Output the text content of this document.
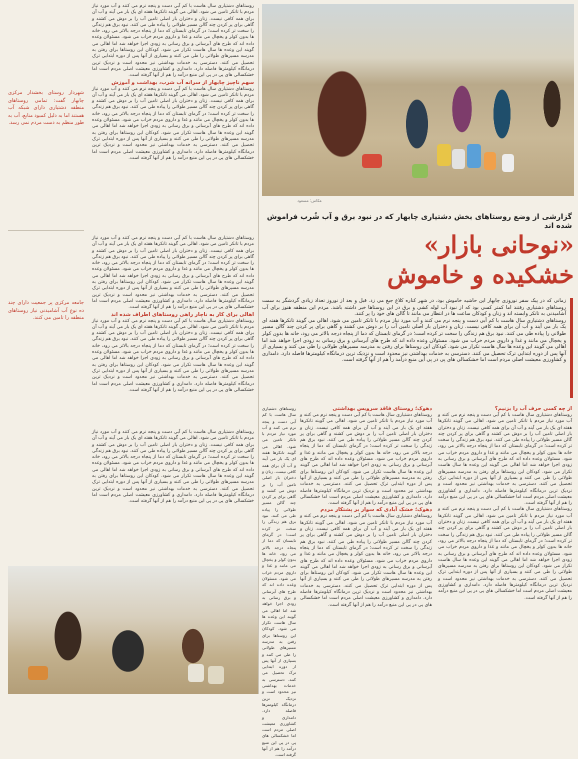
عکاس: مسعود

روستاهای دشتیاری سال هاست با کم آبی دست و پنجه نرم می کنند و آب مورد نیاز مردم با تانکر تامین می شود. اهالی می گویند تانکرها هفته ای یک بار می آیند و آب آن برای همه کافی نیست. زنان و دختران بار اصلی تامین آب را بر دوش می کشند و گاهی برای پر کردن چند گالن مسیر طولانی را پیاده طی می کنند. نبود برق هم زندگی را سخت تر کرده است؛ در گرمای تابستان که دما از پنجاه درجه بالاتر می رود، خانه ها بدون کولر و یخچال می مانند و غذا و داروی مردم خراب می شود. مسئولان وعده داده اند که طرح های آبرسانی و برق رسانی به زودی اجرا خواهد شد اما اهالی می گویند این وعده ها سال هاست تکرار می شود. کودکان این روستاها برای رفتن به مدرسه مسیرهای طولانی را طی می کنند و بسیاری از آنها پس از دوره ابتدایی ترک تحصیل می کنند. دسترسی به خدمات بهداشتی نیز محدود است و نزدیک ترین درمانگاه کیلومترها فاصله دارد. دامداری و کشاورزی معیشت اصلی مردم است اما خشکسالی های پی در پی این منبع درآمد را هم از آنها گرفته است.

سهم ناچیز چابهار از سرانه آب شرب، بهداشت و آموزش

روستاهای دشتیاری سال هاست با کم آبی دست و پنجه نرم می کنند و آب مورد نیاز مردم با تانکر تامین می شود. اهالی می گویند تانکرها هفته ای یک بار می آیند و آب آن برای همه کافی نیست. زنان و دختران بار اصلی تامین آب را بر دوش می کشند و گاهی برای پر کردن چند گالن مسیر طولانی را پیاده طی می کنند. نبود برق هم زندگی را سخت تر کرده است؛ در گرمای تابستان که دما از پنجاه درجه بالاتر می رود، خانه ها بدون کولر و یخچال می مانند و غذا و داروی مردم خراب می شود. مسئولان وعده داده اند که طرح های آبرسانی و برق رسانی به زودی اجرا خواهد شد اما اهالی می گویند این وعده ها سال هاست تکرار می شود. کودکان این روستاها برای رفتن به مدرسه مسیرهای طولانی را طی می کنند و بسیاری از آنها پس از دوره ابتدایی ترک تحصیل می کنند. دسترسی به خدمات بهداشتی نیز محدود است و نزدیک ترین درمانگاه کیلومترها فاصله دارد. دامداری و کشاورزی معیشت اصلی مردم است اما خشکسالی های پی در پی این منبع درآمد را هم از آنها گرفته است.

شهردار روستای بخشدار مرکزی چابهار گفت: تمامی روستاهای منطقه دشتیاری دارای شبکه آب هستند اما به دلیل کمبود منابع، آب به طور منظم به دست مردم نمی رسد.

گزارشی از وضع روستاهای بخش دشتیاری چابهار که در نبود برق و آب شُرب فراموش شده اند
«نوحانی بازار»
خشکیده و خاموش

روستاهای دشتیاری سال هاست با کم آبی دست و پنجه نرم می کنند و آب مورد نیاز مردم با تانکر تامین می شود. اهالی می گویند تانکرها هفته ای یک بار می آیند و آب آن برای همه کافی نیست. زنان و دختران بار اصلی تامین آب را بر دوش می کشند و گاهی برای پر کردن چند گالن مسیر طولانی را پیاده طی می کنند. نبود برق هم زندگی را سخت تر کرده است؛ در گرمای تابستان که دما از پنجاه درجه بالاتر می رود، خانه ها بدون کولر و یخچال می مانند و غذا و داروی مردم خراب می شود. مسئولان وعده داده اند که طرح های آبرسانی و برق رسانی به زودی اجرا خواهد شد اما اهالی می گویند این وعده ها سال هاست تکرار می شود. کودکان این روستاها برای رفتن به مدرسه مسیرهای طولانی را طی می کنند و بسیاری از آنها پس از دوره ابتدایی ترک تحصیل می کنند. دسترسی به خدمات بهداشتی نیز محدود است و نزدیک ترین درمانگاه کیلومترها فاصله دارد. دامداری و کشاورزی معیشت اصلی مردم است اما خشکسالی های پی در پی این منبع درآمد را هم از آنها گرفته است.

اهالی برای کار به ناچار راهی روستاهای اطراف شده اند

روستاهای دشتیاری سال هاست با کم آبی دست و پنجه نرم می کنند و آب مورد نیاز مردم با تانکر تامین می شود. اهالی می گویند تانکرها هفته ای یک بار می آیند و آب آن برای همه کافی نیست. زنان و دختران بار اصلی تامین آب را بر دوش می کشند و گاهی برای پر کردن چند گالن مسیر طولانی را پیاده طی می کنند. نبود برق هم زندگی را سخت تر کرده است؛ در گرمای تابستان که دما از پنجاه درجه بالاتر می رود، خانه ها بدون کولر و یخچال می مانند و غذا و داروی مردم خراب می شود. مسئولان وعده داده اند که طرح های آبرسانی و برق رسانی به زودی اجرا خواهد شد اما اهالی می گویند این وعده ها سال هاست تکرار می شود. کودکان این روستاها برای رفتن به مدرسه مسیرهای طولانی را طی می کنند و بسیاری از آنها پس از دوره ابتدایی ترک تحصیل می کنند. دسترسی به خدمات بهداشتی نیز محدود است و نزدیک ترین درمانگاه کیلومترها فاصله دارد. دامداری و کشاورزی معیشت اصلی مردم است اما خشکسالی های پی در پی این منبع درآمد را هم از آنها گرفته است.

جامعه مرکزی پر جمعیت دارای چند ده نوع آب آشامیدنی نیاز روستاهای منطقه را تامین می کنند.

زمانی که در پیک سفر نوروزی چابهار این حاشیه خاموش بود، در شهر کناره کلاغ جیغ می زد. قبل و بعد از نوروز تعداد زیادی گردشگر به سمت روستاهای دشتیاری رفتند اما کمتر کسی بود که از نبود آب لوله کشی و برق در این روستاها خبر داشته باشد. مردم این منطقه هنوز برای آب آشامیدنی به تانکر وابسته اند و زنان و کودکان ساعت ها در انتظار می مانند تا گالن های خود را پر کنند.

روستاهای دشتیاری سال هاست با کم آبی دست و پنجه نرم می کنند و آب مورد نیاز مردم با تانکر تامین می شود. اهالی می گویند تانکرها هفته ای یک بار می آیند و آب آن برای همه کافی نیست. زنان و دختران بار اصلی تامین آب را بر دوش می کشند و گاهی برای پر کردن چند گالن مسیر طولانی را پیاده طی می کنند. نبود برق هم زندگی را سخت تر کرده است؛ در گرمای تابستان که دما از پنجاه درجه بالاتر می رود، خانه ها بدون کولر و یخچال می مانند و غذا و داروی مردم خراب می شود. مسئولان وعده داده اند که طرح های آبرسانی و برق رسانی به زودی اجرا خواهد شد اما اهالی می گویند این وعده ها سال هاست تکرار می شود. کودکان این روستاها برای رفتن به مدرسه مسیرهای طولانی را طی می کنند و بسیاری از آنها پس از دوره ابتدایی ترک تحصیل می کنند. دسترسی به خدمات بهداشتی نیز محدود است و نزدیک ترین درمانگاه کیلومترها فاصله دارد. دامداری و کشاورزی معیشت اصلی مردم است اما خشکسالی های پی در پی این منبع درآمد را هم از آنها گرفته است.

از چه کسی حرف آب را بزنیم؟

روستاهای دشتیاری سال هاست با کم آبی دست و پنجه نرم می کنند و آب مورد نیاز مردم با تانکر تامین می شود. اهالی می گویند تانکرها هفته ای یک بار می آیند و آب آن برای همه کافی نیست. زنان و دختران بار اصلی تامین آب را بر دوش می کشند و گاهی برای پر کردن چند گالن مسیر طولانی را پیاده طی می کنند. نبود برق هم زندگی را سخت تر کرده است؛ در گرمای تابستان که دما از پنجاه درجه بالاتر می رود، خانه ها بدون کولر و یخچال می مانند و غذا و داروی مردم خراب می شود. مسئولان وعده داده اند که طرح های آبرسانی و برق رسانی به زودی اجرا خواهد شد اما اهالی می گویند این وعده ها سال هاست تکرار می شود. کودکان این روستاها برای رفتن به مدرسه مسیرهای طولانی را طی می کنند و بسیاری از آنها پس از دوره ابتدایی ترک تحصیل می کنند. دسترسی به خدمات بهداشتی نیز محدود است و نزدیک ترین درمانگاه کیلومترها فاصله دارد. دامداری و کشاورزی معیشت اصلی مردم است اما خشکسالی های پی در پی این منبع درآمد را هم از آنها گرفته است.

روستاهای دشتیاری سال هاست با کم آبی دست و پنجه نرم می کنند و آب مورد نیاز مردم با تانکر تامین می شود. اهالی می گویند تانکرها هفته ای یک بار می آیند و آب آن برای همه کافی نیست. زنان و دختران بار اصلی تامین آب را بر دوش می کشند و گاهی برای پر کردن چند گالن مسیر طولانی را پیاده طی می کنند. نبود برق هم زندگی را سخت تر کرده است؛ در گرمای تابستان که دما از پنجاه درجه بالاتر می رود، خانه ها بدون کولر و یخچال می مانند و غذا و داروی مردم خراب می شود. مسئولان وعده داده اند که طرح های آبرسانی و برق رسانی به زودی اجرا خواهد شد اما اهالی می گویند این وعده ها سال هاست تکرار می شود. کودکان این روستاها برای رفتن به مدرسه مسیرهای طولانی را طی می کنند و بسیاری از آنها پس از دوره ابتدایی ترک تحصیل می کنند. دسترسی به خدمات بهداشتی نیز محدود است و نزدیک ترین درمانگاه کیلومترها فاصله دارد. دامداری و کشاورزی معیشت اصلی مردم است اما خشکسالی های پی در پی این منبع درآمد را هم از آنها گرفته است.

دهوک؛ روستای فاقد سرویس بهداشتی

روستاهای دشتیاری سال هاست با کم آبی دست و پنجه نرم می کنند و آب مورد نیاز مردم با تانکر تامین می شود. اهالی می گویند تانکرها هفته ای یک بار می آیند و آب آن برای همه کافی نیست. زنان و دختران بار اصلی تامین آب را بر دوش می کشند و گاهی برای پر کردن چند گالن مسیر طولانی را پیاده طی می کنند. نبود برق هم زندگی را سخت تر کرده است؛ در گرمای تابستان که دما از پنجاه درجه بالاتر می رود، خانه ها بدون کولر و یخچال می مانند و غذا و داروی مردم خراب می شود. مسئولان وعده داده اند که طرح های آبرسانی و برق رسانی به زودی اجرا خواهد شد اما اهالی می گویند این وعده ها سال هاست تکرار می شود. کودکان این روستاها برای رفتن به مدرسه مسیرهای طولانی را طی می کنند و بسیاری از آنها پس از دوره ابتدایی ترک تحصیل می کنند. دسترسی به خدمات بهداشتی نیز محدود است و نزدیک ترین درمانگاه کیلومترها فاصله دارد. دامداری و کشاورزی معیشت اصلی مردم است اما خشکسالی های پی در پی این منبع درآمد را هم از آنها گرفته است.

دهوک؛ خشک آبادی که سوار بر پشتکار مردم

روستاهای دشتیاری سال هاست با کم آبی دست و پنجه نرم می کنند و آب مورد نیاز مردم با تانکر تامین می شود. اهالی می گویند تانکرها هفته ای یک بار می آیند و آب آن برای همه کافی نیست. زنان و دختران بار اصلی تامین آب را بر دوش می کشند و گاهی برای پر کردن چند گالن مسیر طولانی را پیاده طی می کنند. نبود برق هم زندگی را سخت تر کرده است؛ در گرمای تابستان که دما از پنجاه درجه بالاتر می رود، خانه ها بدون کولر و یخچال می مانند و غذا و داروی مردم خراب می شود. مسئولان وعده داده اند که طرح های آبرسانی و برق رسانی به زودی اجرا خواهد شد اما اهالی می گویند این وعده ها سال هاست تکرار می شود. کودکان این روستاها برای رفتن به مدرسه مسیرهای طولانی را طی می کنند و بسیاری از آنها پس از دوره ابتدایی ترک تحصیل می کنند. دسترسی به خدمات بهداشتی نیز محدود است و نزدیک ترین درمانگاه کیلومترها فاصله دارد. دامداری و کشاورزی معیشت اصلی مردم است اما خشکسالی های پی در پی این منبع درآمد را هم از آنها گرفته است.

روستاهای دشتیاری سال هاست با کم آبی دست و پنجه نرم می کنند و آب مورد نیاز مردم با تانکر تامین می شود. اهالی می گویند تانکرها هفته ای یک بار می آیند و آب آن برای همه کافی نیست. زنان و دختران بار اصلی تامین آب را بر دوش می کشند و گاهی برای پر کردن چند گالن مسیر طولانی را پیاده طی می کنند. نبود برق هم زندگی را سخت تر کرده است؛ در گرمای تابستان که دما از پنجاه درجه بالاتر می رود، خانه ها بدون کولر و یخچال می مانند و غذا و داروی مردم خراب می شود. مسئولان وعده داده اند که طرح های آبرسانی و برق رسانی به زودی اجرا خواهد شد اما اهالی می گویند این وعده ها سال هاست تکرار می شود. کودکان این روستاها برای رفتن به مدرسه مسیرهای طولانی را طی می کنند و بسیاری از آنها پس از دوره ابتدایی ترک تحصیل می کنند. دسترسی به خدمات بهداشتی نیز محدود است و نزدیک ترین درمانگاه کیلومترها فاصله دارد. دامداری و کشاورزی معیشت اصلی مردم است اما خشکسالی های پی در پی این منبع درآمد را هم از آنها گرفته است.

روستاهای دشتیاری سال هاست با کم آبی دست و پنجه نرم می کنند و آب مورد نیاز مردم با تانکر تامین می شود. اهالی می گویند تانکرها هفته ای یک بار می آیند و آب آن برای همه کافی نیست. زنان و دختران بار اصلی تامین آب را بر دوش می کشند و گاهی برای پر کردن چند گالن مسیر طولانی را پیاده طی می کنند. نبود برق هم زندگی را سخت تر کرده است؛ در گرمای تابستان که دما از پنجاه درجه بالاتر می رود، خانه ها بدون کولر و یخچال می مانند و غذا و داروی مردم خراب می شود. مسئولان وعده داده اند که طرح های آبرسانی و برق رسانی به زودی اجرا خواهد شد اما اهالی می گویند این وعده ها سال هاست تکرار می شود. کودکان این روستاها برای رفتن به مدرسه مسیرهای طولانی را طی می کنند و بسیاری از آنها پس از دوره ابتدایی ترک تحصیل می کنند. دسترسی به خدمات بهداشتی نیز محدود است و نزدیک ترین درمانگاه کیلومترها فاصله دارد. دامداری و کشاورزی معیشت اصلی مردم است اما خشکسالی های پی در پی این منبع درآمد را هم از آنها گرفته است.
